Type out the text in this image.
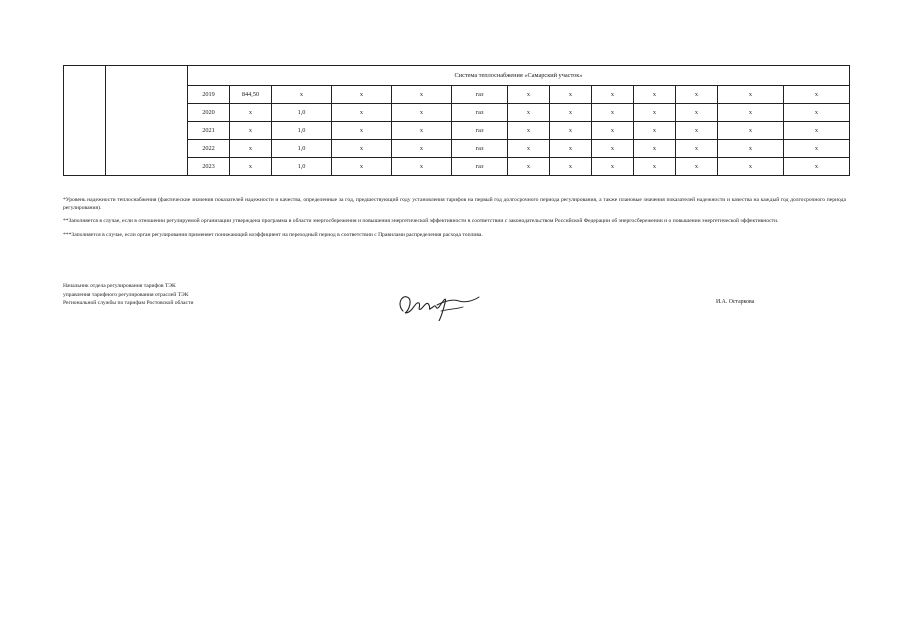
		Система теплоснабжения «Самарский участок»												
		2019	844,50	x	x	x	газ	x	x	x	x	x	x	x
		2020	x	1,0	x	x	газ	x	x	x	x	x	x	x
		2021	x	1,0	x	x	газ	x	x	x	x	x	x	x
		2022	x	1,0	x	x	газ	x	x	x	x	x	x	x
		2023	x	1,0	x	x	газ	x	x	x	x	x	x	x

*Уровень надежности теплоснабжения (фактические значения показателей надежности и качества, определенные за год, предшествующий году установления тарифов на первый год долгосрочного периода регулирования, а также плановые значения показателей надежности и качества на каждый год долгосрочного периода регулирования).

**Заполняется в случае, если в отношении регулируемой организации утверждена программа в области энергосбережения и повышения энергетической эффективности в соответствии с законодательством Российской Федерации об энергосбережении и о повышении энергетической эффективности.

***Заполняется в случае, если орган регулирования применяет понижающий коэффициент на переходный период в соответствии с Правилами распределения расхода топлива.

Начальник отдела регулирования тарифов ТЭК
управления тарифного регулирования отраслей ТЭК
Региональной службы по тарифам Ростовской области	И.А. Остаркова
